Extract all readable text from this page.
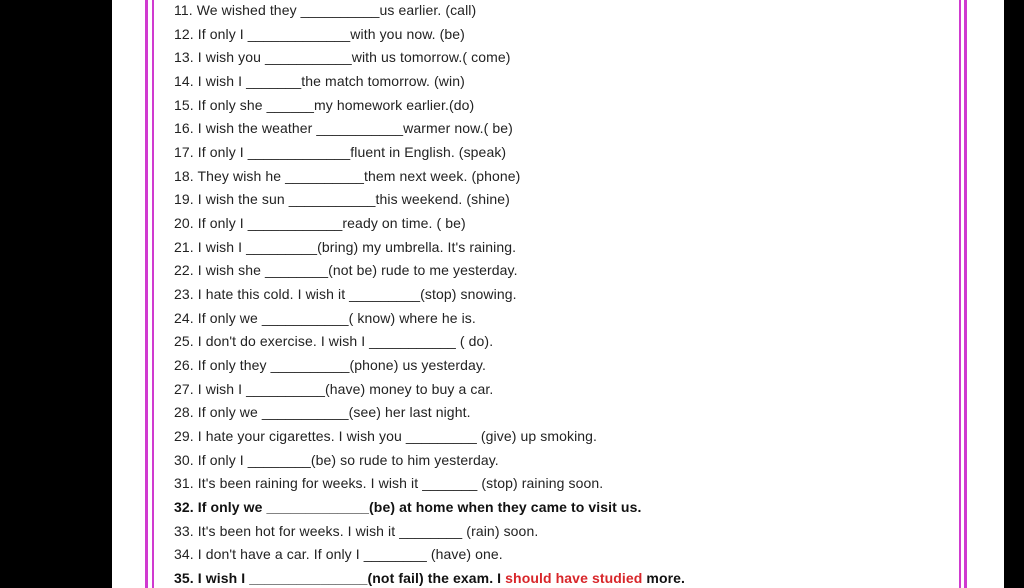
11. We wished they __________us earlier. (call)
12. If only I _____________with you now. (be)
13. I wish you ___________with us tomorrow.( come)
14. I wish I _______the match tomorrow. (win)
15. If only she ______my homework earlier.(do)
16. I wish the weather ___________warmer now.( be)
17. If only I _____________fluent in English. (speak)
18. They wish he __________them next week. (phone)
19. I wish the sun ___________this weekend. (shine)
20. If only I ____________ready on time. ( be)
21. I wish I _________(bring) my umbrella. It's raining.
22. I wish she ________(not be) rude to me yesterday.
23. I hate this cold. I wish it _________(stop) snowing.
24. If only we ___________( know) where he is.
25. I don't do exercise. I wish I ___________ ( do).
26. If only they __________(phone) us yesterday.
27. I wish I __________(have) money to buy a car.
28. If only we ___________(see) her last night.
29. I hate your cigarettes. I wish you _________ (give) up smoking.
30. If only I ________(be) so rude to him yesterday.
31. It's been raining for weeks. I wish it _______ (stop) raining soon.
32. If only we _____________(be) at home when they came to visit us.
33. It's been hot for weeks. I wish it ________ (rain) soon.
34. I don't have a car. If only I ________ (have) one.
35. I wish I _______________(not fail) the exam. I should have studied more.
